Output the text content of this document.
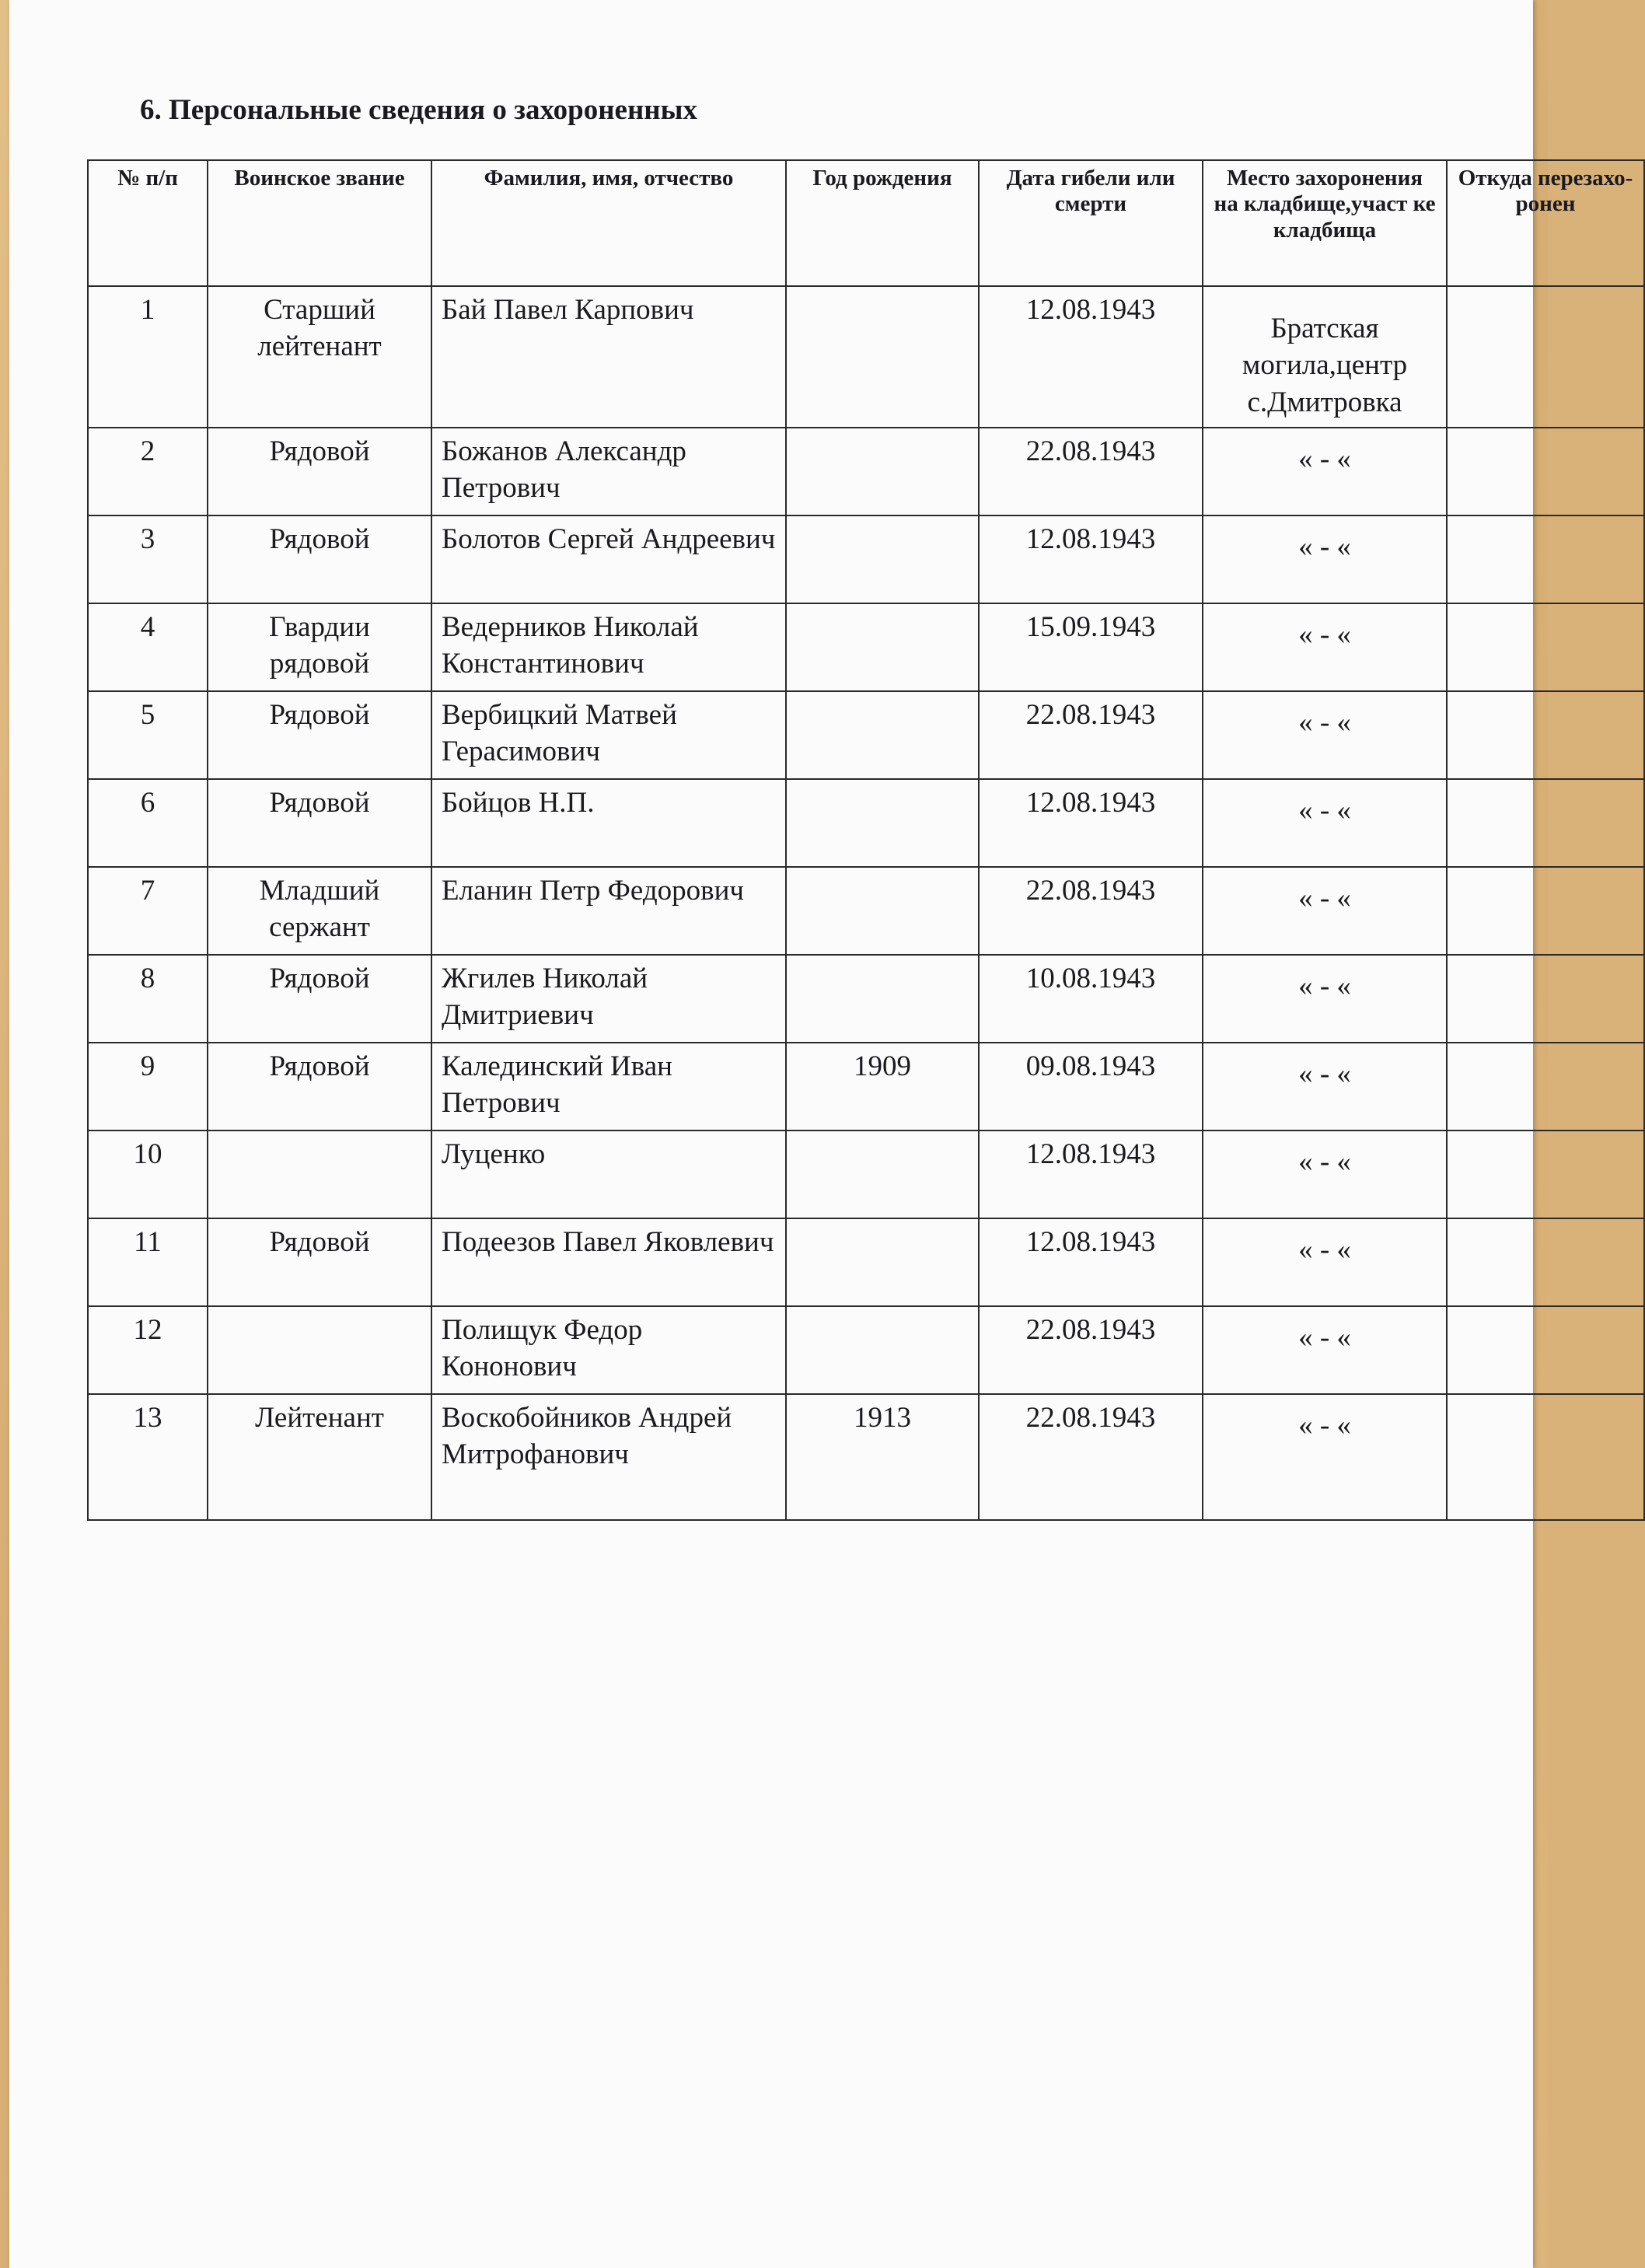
6. Персональные сведения о захороненных
№ п/п	Воинское звание	Фамилия, имя, отчество	Год рождения	Дата гибели или смерти	Место захоронения на кладбище,участ ке кладбища	Откуда перезахо- ронен
1	Старший лейтенант	Бай Павел Карпович		12.08.1943	Братская могила,центр с.Дмитровка	
2	Рядовой	Божанов Александр Петрович		22.08.1943	« - «	
3	Рядовой	Болотов Сергей Андреевич		12.08.1943	« - «	
4	Гвардии рядовой	Ведерников Николай Константинович		15.09.1943	« - «	
5	Рядовой	Вербицкий Матвей Герасимович		22.08.1943	« - «	
6	Рядовой	Бойцов Н.П.		12.08.1943	« - «	
7	Младший сержант	Еланин Петр Федорович		22.08.1943	« - «	
8	Рядовой	Жгилев Николай Дмитриевич		10.08.1943	« - «	
9	Рядовой	Калединский Иван Петрович	1909	09.08.1943	« - «	
10		Луценко		12.08.1943	« - «	
11	Рядовой	Подеезов Павел Яковлевич		12.08.1943	« - «	
12		Полищук Федор Кононович		22.08.1943	« - «	
13	Лейтенант	Воскобойников Андрей Митрофанович	1913	22.08.1943	« - «	
